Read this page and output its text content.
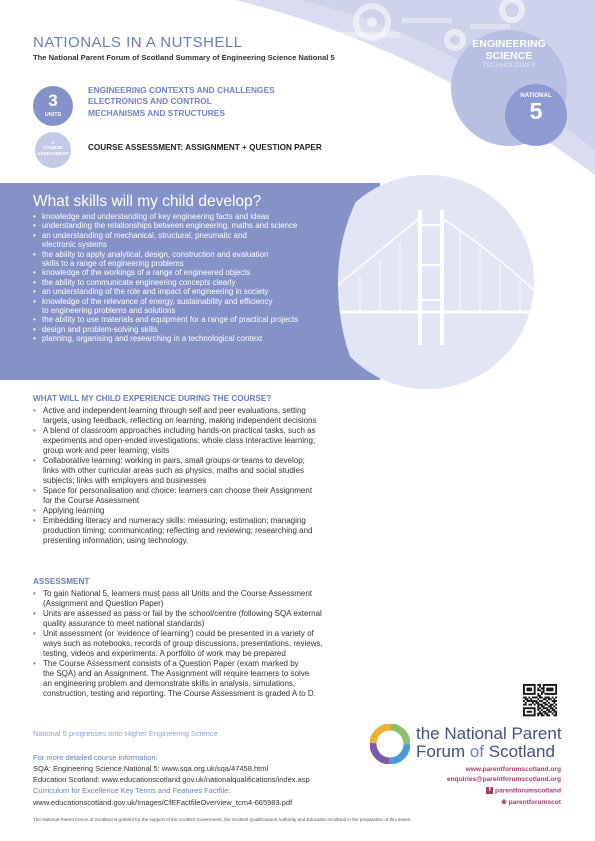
NATIONALS IN A NUTSHELL
The National Parent Forum of Scotland Summary of Engineering Science National 5
ENGINEERING
SCIENCE
TECHNOLOGIES
NATIONAL
5
3
UNITS
ENGINEERING CONTEXTS AND CHALLENGES
ELECTRONICS AND CONTROL
MECHANISMS AND STRUCTURES
1
COURSE
ASSESSMENT
COURSE ASSESSMENT: ASSIGNMENT + QUESTION PAPER
What skills will my child develop?
• knowledge and understanding of key engineering facts and ideas
• understanding the relationships between engineering, maths and science
• an understanding of mechanical, structural, pneumatic and
electronic systems
• the ability to apply analytical, design, construction and evaluation
skills to a range of engineering problems
• knowledge of the workings of a range of engineered objects
• the ability to communicate engineering concepts clearly
• an understanding of the role and impact of engineering in society
• knowledge of the relevance of energy, sustainability and efficiency
to engineering problems and solutions
• the ability to use materials and equipment for a range of practical projects
• design and problem-solving skills
• planning, organising and researching in a technological context
WHAT WILL MY CHILD EXPERIENCE DURING THE COURSE?
• Active and independent learning through self and peer evaluations, setting
targets, using feedback, reflecting on learning, making independent decisions
• A blend of classroom approaches including hands-on practical tasks, such as
experiments and open-ended investigations; whole class interactive learning;
group work and peer learning; visits
• Collaborative learning: working in pairs, small groups or teams to develop;
links with other curricular areas such as physics, maths and social studies
subjects; links with employers and businesses
• Space for personalisation and choice: learners can choose their Assignment
for the Course Assessment
• Applying learning
• Embedding literacy and numeracy skills: measuring; estimation; managing
production timing; communicating; reflecting and reviewing; researching and
presenting information; using technology.
ASSESSMENT
• To gain National 5, learners must pass all Units and the Course Assessment
(Assignment and Question Paper)
• Units are assessed as pass or fail by the school/centre (following SQA external
quality assurance to meet national standards)
• Unit assessment (or 'evidence of learning') could be presented in a variety of
ways such as notebooks, records of group discussions, presentations, reviews,
testing, videos and experiments. A portfolio of work may be prepared
• The Course Assessment consists of a Question Paper (exam marked by
the SQA) and an Assignment. The Assignment will require learners to solve
an engineering problem and demonstrate skills in analysis, simulations,
construction, testing and reporting. The Course Assessment is graded A to D.
National 5 progresses onto Higher Engineering Science
For more detailed course information:
SQA: Engineering Science National 5: www.sqa.org.uk/sqa/47458.html
Education Scotland: www.educationscotland.gov.uk/nationalqualifications/index.asp
Curriculum for Excellence Key Terms and Features Factfile:
www.educationscotland.gov.uk/Images/CfEFactfileOverview_tcm4-665983.pdf
the National Parent
Forum of Scotland
www.parentforumscotland.org
enquiries@parentforumscotland.org
f parentforumscotland
❀ parentforumscot
The National Parent Forum of Scotland is grateful for the support of the Scottish Government, the Scottish Qualifications Authority and Education Scotland in the preparation of this series.
